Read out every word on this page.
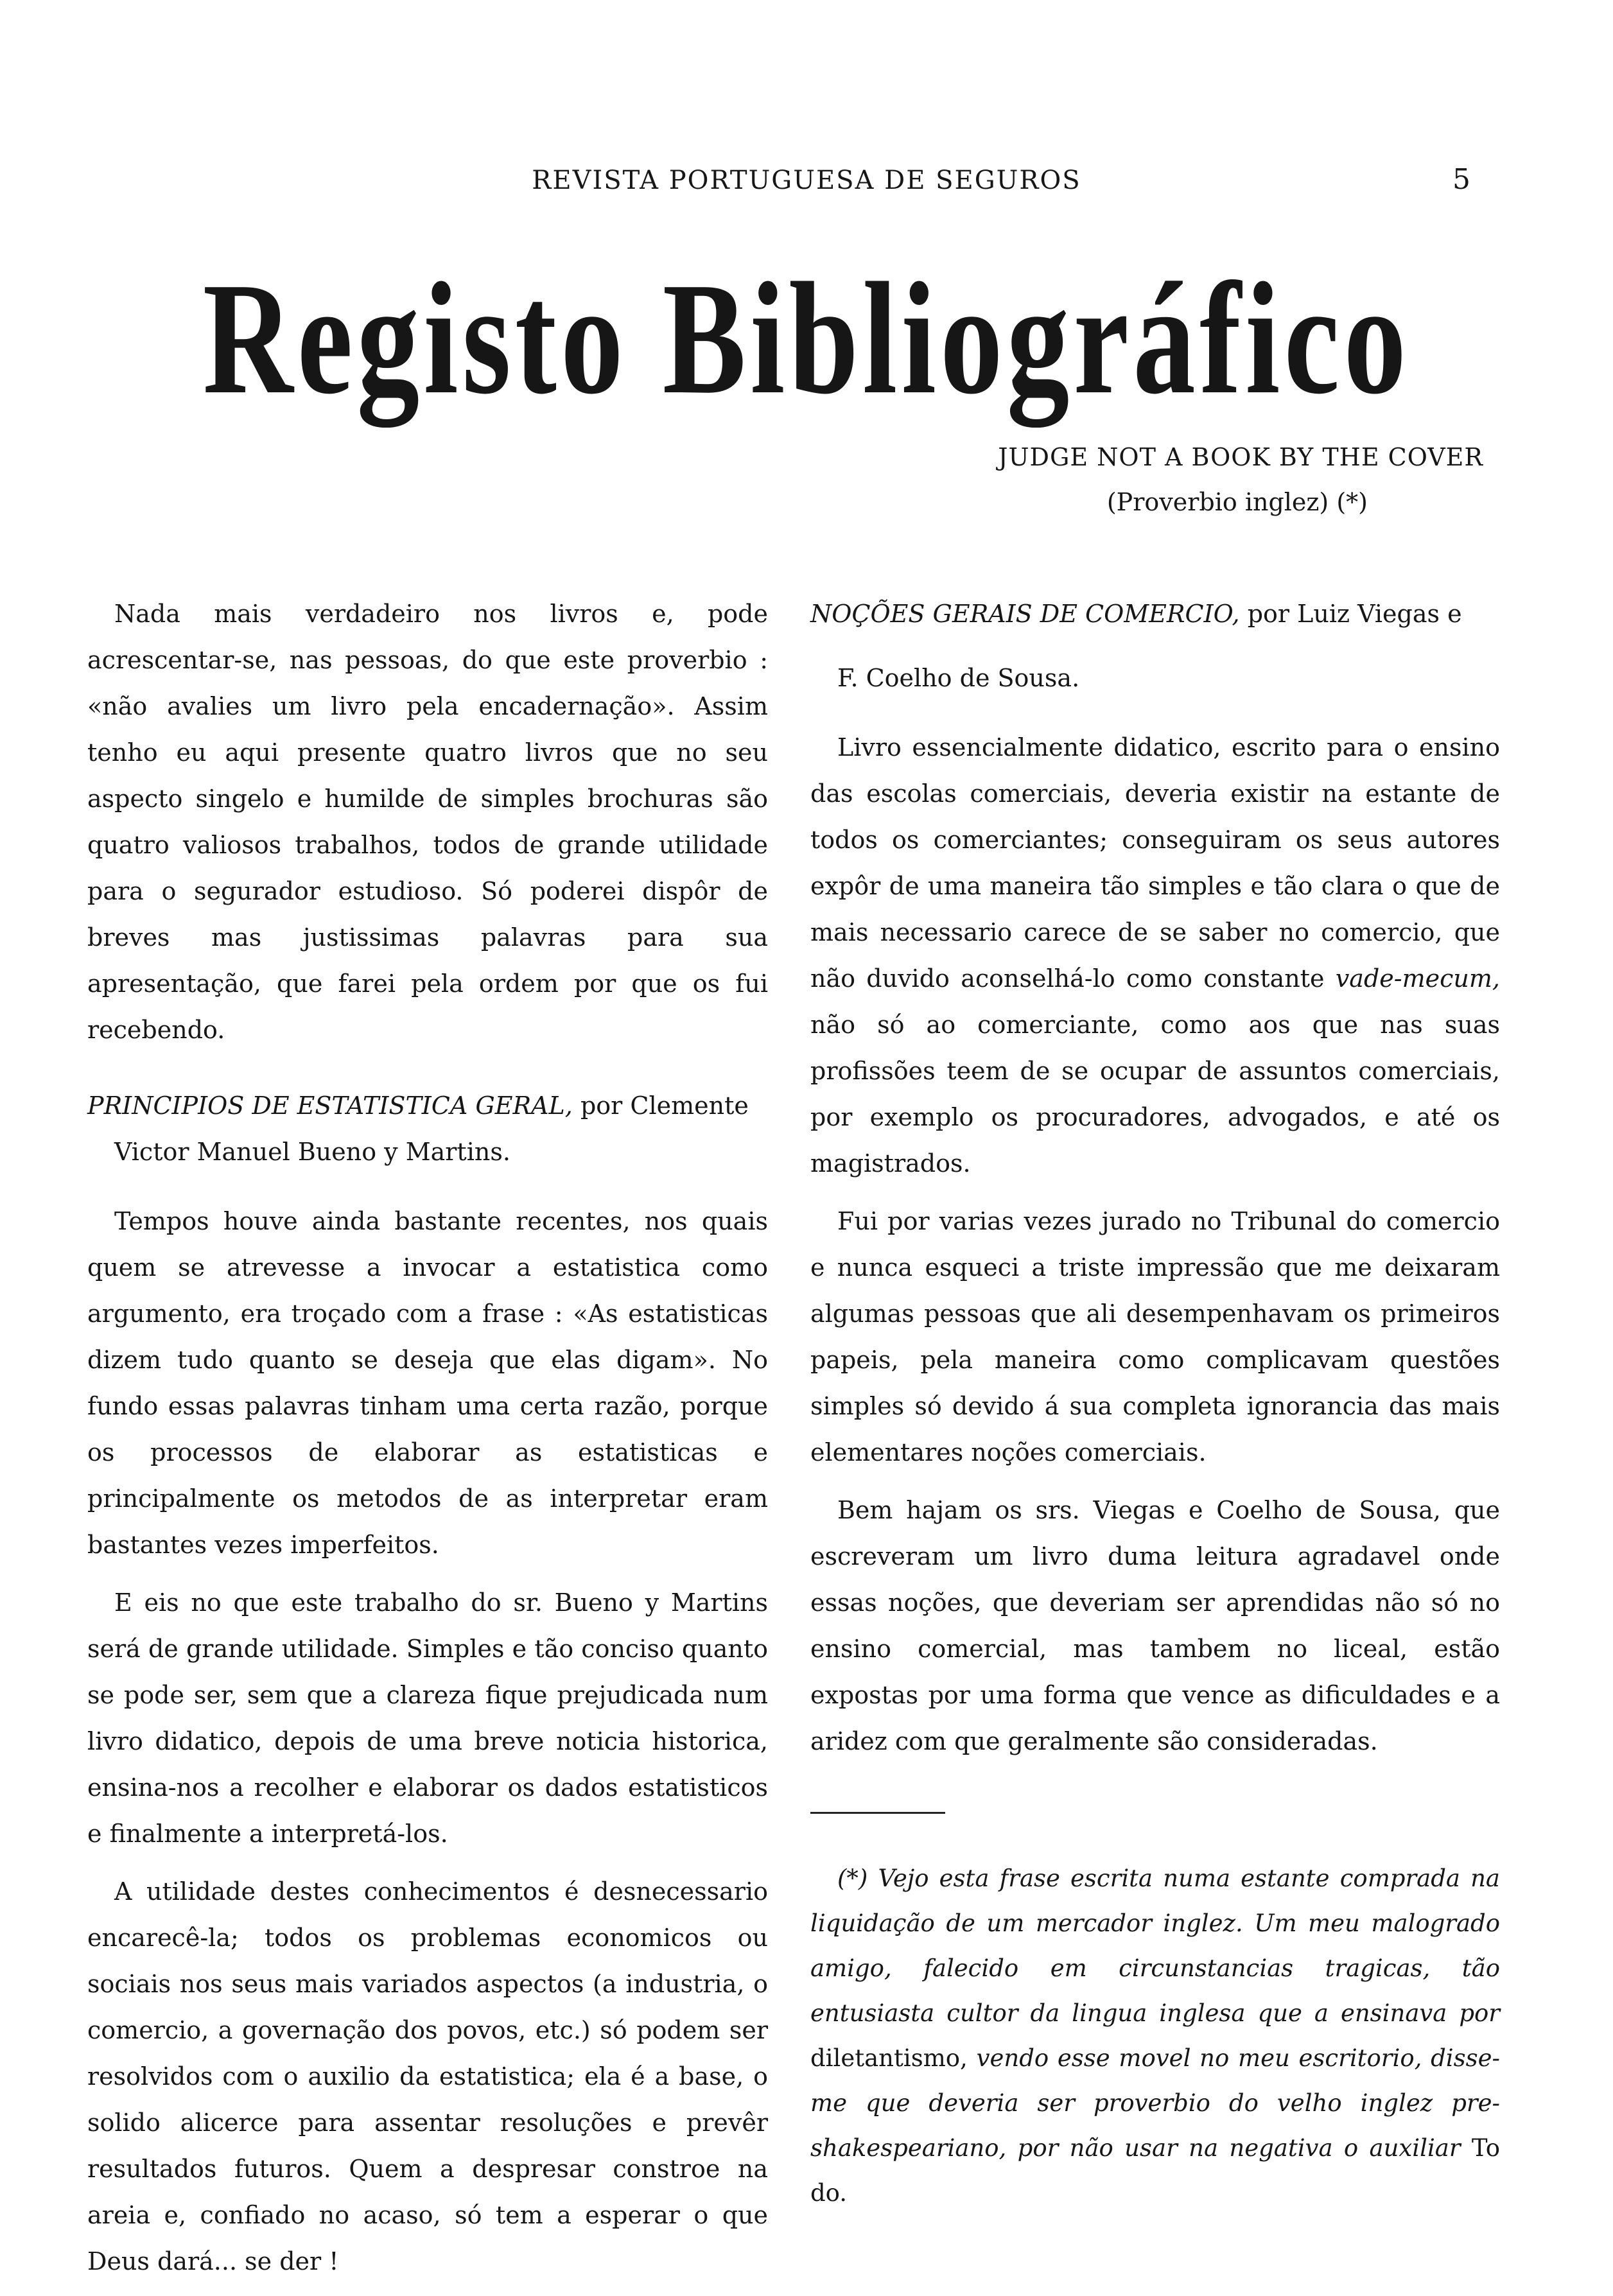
REVISTA PORTUGUESA DE SEGUROS	5
Registo Bibliográfico
JUDGE NOT A BOOK BY THE COVER
(Proverbio inglez) (*)

Nada mais verdadeiro nos livros e, pode acrescentar-se, nas pessoas, do que este proverbio : «não avalies um livro pela encadernação». Assim tenho eu aqui presente quatro livros que no seu aspecto singelo e humilde de simples brochuras são quatro valiosos trabalhos, todos de grande utilidade para o segurador estudioso. Só poderei dispôr de breves mas justissimas palavras para sua apresentação, que farei pela ordem por que os fui recebendo.

PRINCIPIOS DE ESTATISTICA GERAL, por Clemente
Victor Manuel Bueno y Martins.

Tempos houve ainda bastante recentes, nos quais quem se atrevesse a invocar a estatistica como argumento, era troçado com a frase : «As estatisticas dizem tudo quanto se deseja que elas digam». No fundo essas palavras tinham uma certa razão, porque os processos de elaborar as estatisticas e principalmente os metodos de as interpretar eram bastantes vezes imperfeitos.

E eis no que este trabalho do sr. Bueno y Martins será de grande utilidade. Simples e tão conciso quanto se pode ser, sem que a clareza fique prejudicada num livro didatico, depois de uma breve noticia historica, ensina-nos a recolher e elaborar os dados estatisticos e finalmente a interpretá-los.

A utilidade destes conhecimentos é desnecessario encarecê-la; todos os problemas economicos ou sociais nos seus mais variados aspectos (a industria, o comercio, a governação dos povos, etc.) só podem ser resolvidos com o auxilio da estatistica; ela é a base, o solido alicerce para assentar resoluções e prevêr resultados futuros. Quem a despresar constroe na areia e, confiado no acaso, só tem a esperar o que Deus dará... se der !

NOÇÕES GERAIS DE COMERCIO, por Luiz Viegas e
F. Coelho de Sousa.

Livro essencialmente didatico, escrito para o ensino das escolas comerciais, deveria existir na estante de todos os comerciantes; conseguiram os seus autores expôr de uma maneira tão simples e tão clara o que de mais necessario carece de se saber no comercio, que não duvido aconselhá-lo como constante vade-mecum, não só ao comerciante, como aos que nas suas profissões teem de se ocupar de assuntos comerciais, por exemplo os procuradores, advogados, e até os magistrados.

Fui por varias vezes jurado no Tribunal do comercio e nunca esqueci a triste impressão que me deixaram algumas pessoas que ali desempenhavam os primeiros papeis, pela maneira como complicavam questões simples só devido á sua completa ignorancia das mais elementares noções comerciais.

Bem hajam os srs. Viegas e Coelho de Sousa, que escreveram um livro duma leitura agradavel onde essas noções, que deveriam ser aprendidas não só no ensino comercial, mas tambem no liceal, estão expostas por uma forma que vence as dificuldades e a aridez com que geralmente são consideradas.

(*) Vejo esta frase escrita numa estante comprada na liquidação de um mercador inglez. Um meu malogrado amigo, falecido em circunstancias tragicas, tão entusiasta cultor da lingua inglesa que a ensinava por diletantismo, vendo esse movel no meu escritorio, disse-me que deveria ser proverbio do velho inglez pre-shakespeariano, por não usar na negativa o auxiliar To do.
